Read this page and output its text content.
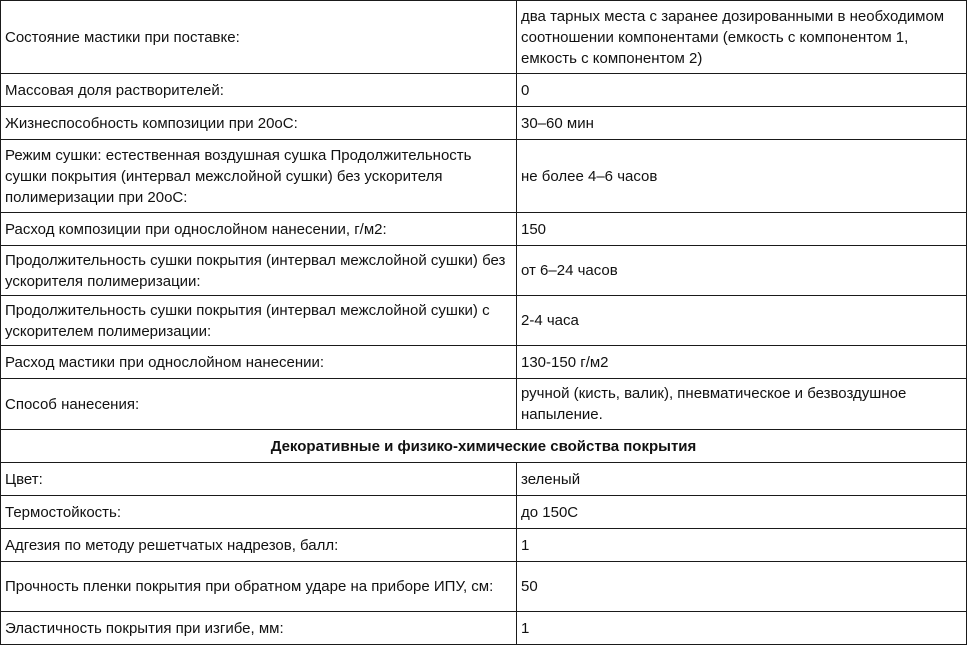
Состояние мастики при поставке:	два тарных места с заранее дозированными в необходимом соотношении компонентами (емкость с компонентом 1, емкость с компонентом 2)
Массовая доля растворителей:	0
Жизнеспособность композиции при 20оС:	30–60 мин
Режим сушки: естественная воздушная сушка Продолжительность сушки покрытия (интервал межслойной сушки) без ускорителя полимеризации при 20оС:	не более 4–6 часов
Расход композиции при однослойном нанесении, г/м2:	150
Продолжительность сушки покрытия (интервал межслойной сушки) без ускорителя полимеризации:	от 6–24 часов
Продолжительность сушки покрытия (интервал межслойной сушки) с ускорителем полимеризации:	2-4 часа
Расход мастики при однослойном нанесении:	130-150 г/м2
Способ нанесения:	ручной (кисть, валик), пневматическое и безвоздушное напыление.
Декоративные и физико-химические свойства покрытия	
Цвет:	зеленый
Термостойкость:	до 150С
Адгезия по методу решетчатых надрезов, балл:	1
Прочность пленки покрытия при обратном ударе на приборе ИПУ, см:	50
Эластичность покрытия при изгибе, мм:	1
